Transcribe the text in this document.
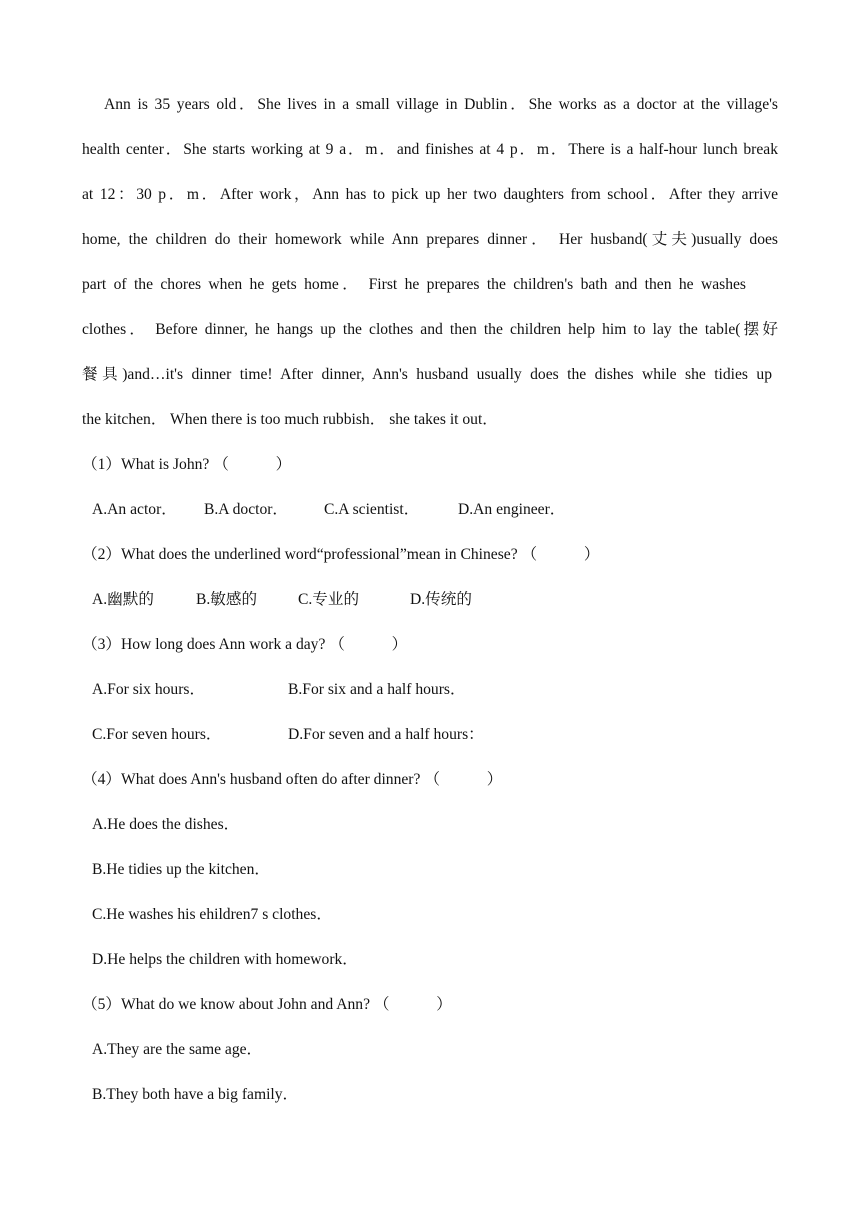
Ann is 35 years old．She lives in a small village in Dublin．She works as a doctor at the village's
health center．She starts working at 9 a．m．and finishes at 4 p．m．There is a half-hour lunch break
at 12：30 p．m．After work，Ann has to pick up her two daughters from school．After they arrive
home, the children do their homework while Ann prepares dinner． Her husband(丈夫)usually does
part of the chores when he gets home． First he prepares the children's bath and then he washes
clothes． Before dinner, he hangs up the clothes and then the children help him to lay the table(摆好
餐具)and…it's dinner time! After dinner, Ann's husband usually does the dishes while she tidies up
the kitchen． When there is too much rubbish． she takes it out．
（1）What is John? （　　　）
A.An actor． B.A doctor． C.A scientist． D.An engineer．
（2）What does the underlined word“professional”mean in Chinese? （　　　）
A.幽默的	B.敏感的	C.专业的	D.传统的
（3）How long does Ann work a day? （　　　）
A.For six hours．	B.For six and a half hours．
C.For seven hours．	D.For seven and a half hours：
（4）What does Ann's husband often do after dinner? （　　　）
A.He does the dishes．
B.He tidies up the kitchen．
C.He washes his ehildren7 s clothes．
D.He helps the children with homework．
（5）What do we know about John and Ann? （　　　）
A.They are the same age．
B.They both have a big family．
